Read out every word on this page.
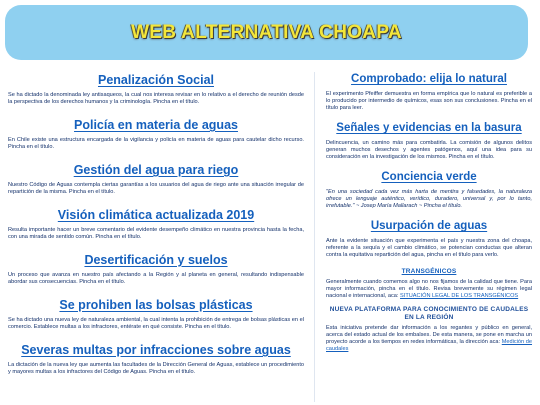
WEB ALTERNATIVA CHOAPA
Penalización Social

Se ha dictado la denominada ley antisaqueos, la cual nos interesa revisar en lo relativo a el derecho de reunión desde la perspectiva de los derechos humanos y la criminología. Pincha en el título.

Policía en materia de aguas

En Chile existe una estructura encargada de la vigilancia y policía en materia de aguas para cautelar dicho recurso. Pincha en el título.

Gestión del agua para riego

Nuestro Código de Aguas contempla ciertas garantías a los usuarios del agua de riego ante una situación irregular de repartición de la misma. Pincha en el título.

Visión climática actualizada 2019

Resulta importante hacer un breve comentario del evidente desempeño climático en nuestra provincia hasta la fecha, con una mirada de sentido común. Pincha en el título.

Desertificación y suelos

Un proceso que avanza en nuestro país afectando a la Región y al planeta en general, resultando indispensable abordar sus consecuencias. Pincha en el título.

Se prohiben las bolsas plásticas

Se ha dictado una nueva ley de naturaleza ambiental, la cual intenta la prohibición de entrega de bolsas plásticas en el comercio. Establece multas a los infractores, entérate en qué consiste. Pincha en el título.

Severas multas por infracciones sobre aguas

La dictación de la nueva ley que aumenta las facultades de la Dirección General de Aguas, establece un procedimiento y mayores multas a los infractores del Código de Aguas. Pincha en el título.

Comprobado: elija lo natural

El experimento Pfeiffer demuestra en forma empírica que lo natural es preferible a lo producido por intermedio de químicos, esas son sus conclusiones. Pincha en el título para leer.

Señales y evidencias en la basura

Delincuencia, un camino más para combatirla. La comisión de algunos delitos generan muchos desechos y agentes patógenos, aquí una idea para su consideración en la investigación de los mismos. Pincha en el título.

Conciencia verde

"En una sociedad cada vez más harta de mentira y falsedades, la naturaleza ofrece un lenguaje auténtico, verídico, duradero, universal y, por lo tanto, irrefutable." ~ Josep María Mallarach ~ Pincha el título.

Usurpación de aguas

Ante la evidente situación que experimenta el país y nuestra zona del choapa, referente a la sequía y el cambio climático, se potencian conductas que alteran contra la equitativa repartición del agua, pincha en el título para verlo.

TRANSGÉNICOS

Generalmente cuando comemos algo no nos fijamos de la calidad que tiene. Para mayor información, pincha en el título. Revisa brevemente su régimen legal nacional e internacional, aca: SITUACIÓN LEGAL DE LOS TRANSGÉNICOS

NUEVA PLATAFORMA PARA CONOCIMIENTO DE CAUDALES EN LA REGIÓN

Esta iniciativa pretende dar información a los regantes y público en general, acerca del estado actual de los embalses. De esta manera, se pone en marcha un proyecto acorde a los tiempos en redes informáticas, la dirección aca: Medición de caudales
